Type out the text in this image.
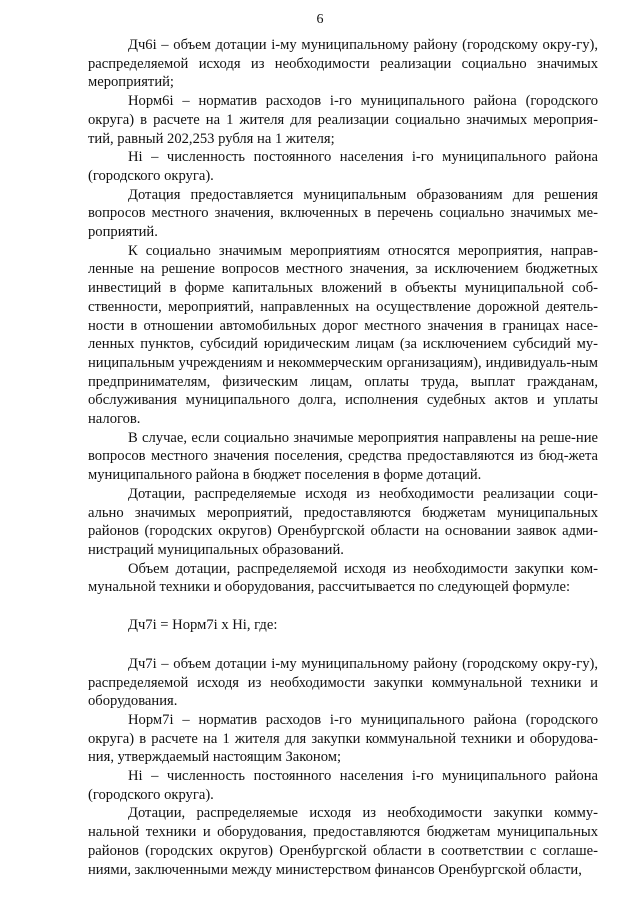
6

Дч6i – объем дотации i-му муниципальному району (городскому окру-гу), распределяемой исходя из необходимости реализации социально значимых мероприятий;

Норм6i – норматив расходов i-го муниципального района (городского округа) в расчете на 1 жителя для реализации социально значимых мероприя-тий, равный 202,253 рубля на 1 жителя;

Нi – численность постоянного населения i-го муниципального района (городского округа).

Дотация предоставляется муниципальным образованиям для решения вопросов местного значения, включенных в перечень социально значимых ме-роприятий.

К социально значимым мероприятиям относятся мероприятия, направ-ленные на решение вопросов местного значения, за исключением бюджетных инвестиций в форме капитальных вложений в объекты муниципальной соб-ственности, мероприятий, направленных на осуществление дорожной деятель-ности в отношении автомобильных дорог местного значения в границах насе-ленных пунктов, субсидий юридическим лицам (за исключением субсидий му-ниципальным учреждениям и некоммерческим организациям), индивидуаль-ным предпринимателям, физическим лицам, оплаты труда, выплат гражданам, обслуживания муниципального долга, исполнения судебных актов и уплаты налогов.

В случае, если социально значимые мероприятия направлены на реше-ние вопросов местного значения поселения, средства предоставляются из бюд-жета муниципального района в бюджет поселения в форме дотаций.

Дотации, распределяемые исходя из необходимости реализации соци-ально значимых мероприятий, предоставляются бюджетам муниципальных районов (городских округов) Оренбургской области на основании заявок адми-нистраций муниципальных образований.

Объем дотации, распределяемой исходя из необходимости закупки ком-мунальной техники и оборудования, рассчитывается по следующей формуле:

Дч7i = Норм7i х Нi, где:

Дч7i – объем дотации i-му муниципальному району (городскому окру-гу), распределяемой исходя из необходимости закупки коммунальной техники и оборудования.

Норм7i – норматив расходов i-го муниципального района (городского округа) в расчете на 1 жителя для закупки коммунальной техники и оборудова-ния, утверждаемый настоящим Законом;

Нi – численность постоянного населения i-го муниципального района (городского округа).

Дотации, распределяемые исходя из необходимости закупки комму-нальной техники и оборудования, предоставляются бюджетам муниципальных районов (городских округов) Оренбургской области в соответствии с соглаше-ниями, заключенными между министерством финансов Оренбургской области,
